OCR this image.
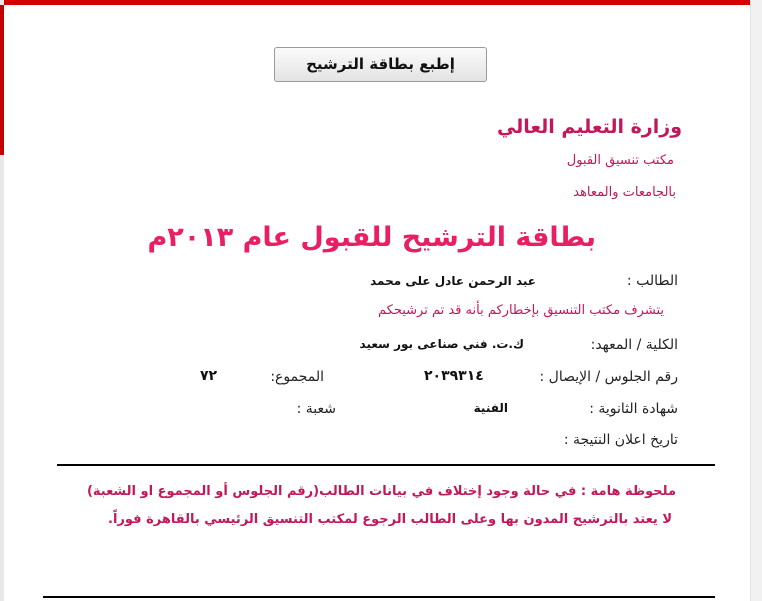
إطبع بطاقة الترشيح
وزارة التعليم العالي
مكتب تنسيق القبول
بالجامعات والمعاهد
بطاقة الترشيح للقبول عام ٢٠١٣م
الطالب :
عبد الرحمن عادل على محمد
يتشرف مكتب التنسيق بإخطاركم بأنه قد تم ترشيحكم
الكلية / المعهد:
ك.ت. فني صناعى بور سعيد
رقم الجلوس / الإيصال :
٢٠٣٩٣١٤
المجموع:
٧٢
شهادة الثانوية :
الفنية
شعبة :
تاريخ اعلان النتيجة :
ملحوظة هامة : في حالة وجود إختلاف في بيانات الطالب(رقم الجلوس أو المجموع او الشعبة)
لا يعتد بالترشيح المدون بها وعلى الطالب الرجوع لمكتب التنسيق الرئيسي بالقاهرة فوراً.
